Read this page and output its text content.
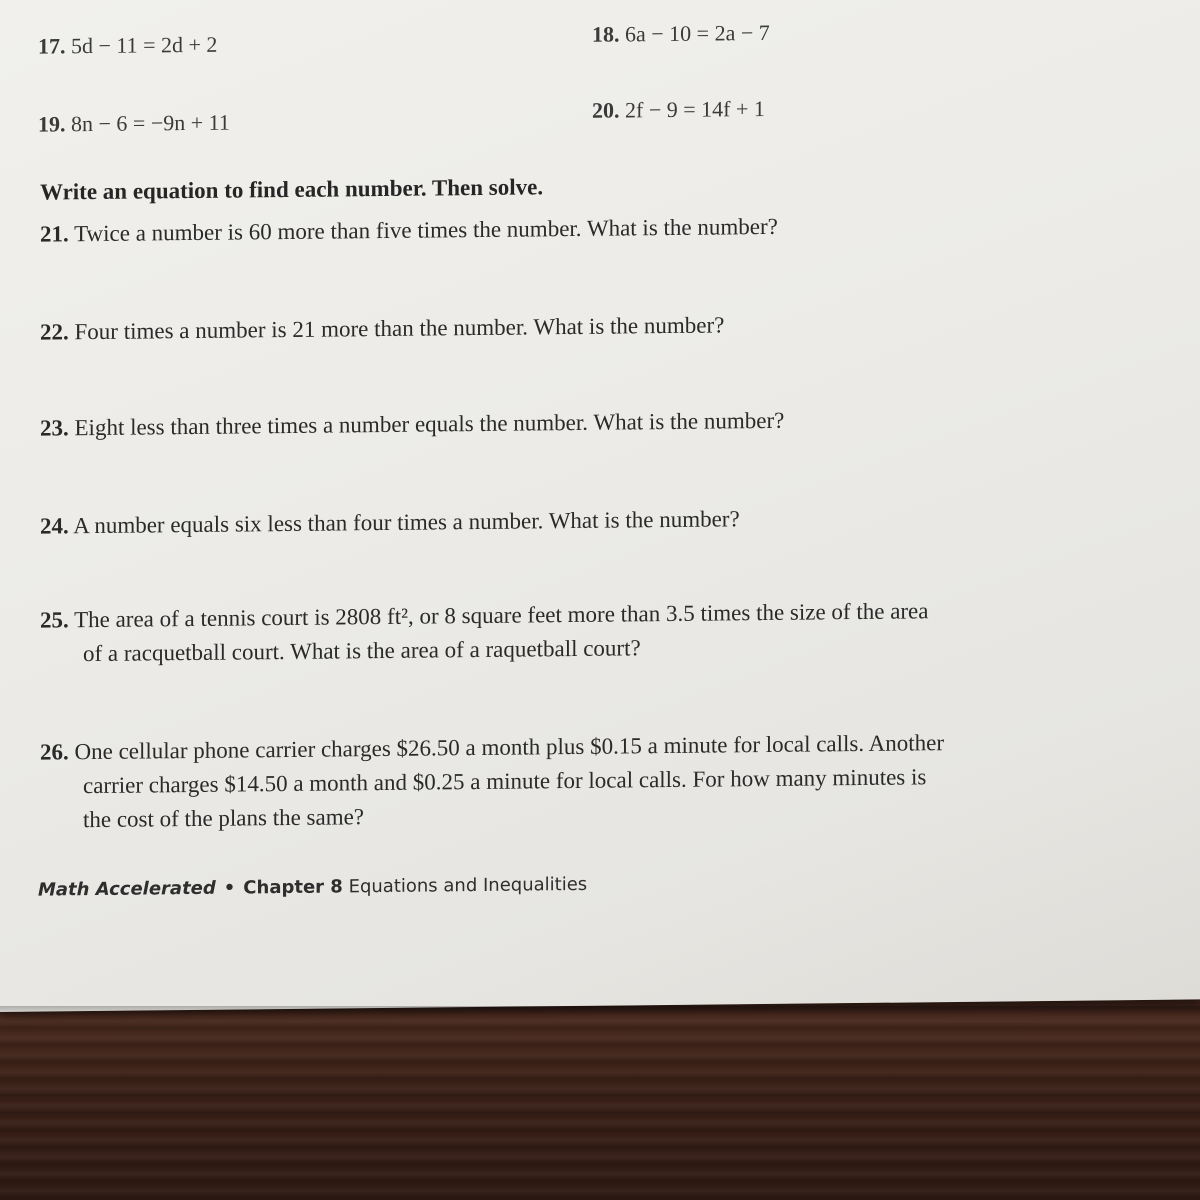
17. 5d − 11 = 2d + 2	18. 6a − 10 = 2a − 7
19. 8n − 6 = −9n + 11	20. 2f − 9 = 14f + 1
Write an equation to find each number. Then solve.
21. Twice a number is 60 more than five times the number. What is the number?
22. Four times a number is 21 more than the number. What is the number?
23. Eight less than three times a number equals the number. What is the number?
24. A number equals six less than four times a number. What is the number?
25. The area of a tennis court is 2808 ft², or 8 square feet more than 3.5 times the size of the area
of a racquetball court. What is the area of a raquetball court?
26. One cellular phone carrier charges $26.50 a month plus $0.15 a minute for local calls. Another
carrier charges $14.50 a month and $0.25 a minute for local calls. For how many minutes is
the cost of the plans the same?
Math Accelerated • Chapter 8 Equations and Inequalities
